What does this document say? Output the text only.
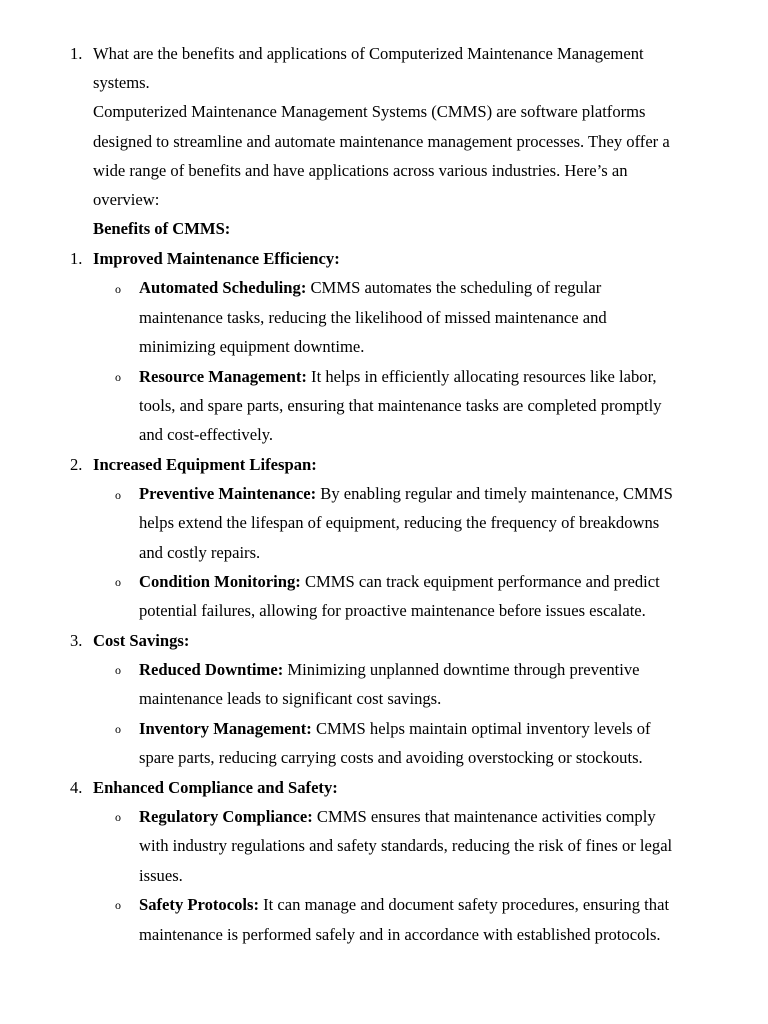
1. What are the benefits and applications of Computerized Maintenance Management
systems.
Computerized Maintenance Management Systems (CMMS) are software platforms
designed to streamline and automate maintenance management processes. They offer a
wide range of benefits and have applications across various industries. Here’s an
overview:
Benefits of CMMS:
1. Improved Maintenance Efficiency:
o Automated Scheduling: CMMS automates the scheduling of regular
maintenance tasks, reducing the likelihood of missed maintenance and
minimizing equipment downtime.
o Resource Management: It helps in efficiently allocating resources like labor,
tools, and spare parts, ensuring that maintenance tasks are completed promptly
and cost-effectively.
2. Increased Equipment Lifespan:
o Preventive Maintenance: By enabling regular and timely maintenance, CMMS
helps extend the lifespan of equipment, reducing the frequency of breakdowns
and costly repairs.
o Condition Monitoring: CMMS can track equipment performance and predict
potential failures, allowing for proactive maintenance before issues escalate.
3. Cost Savings:
o Reduced Downtime: Minimizing unplanned downtime through preventive
maintenance leads to significant cost savings.
o Inventory Management: CMMS helps maintain optimal inventory levels of
spare parts, reducing carrying costs and avoiding overstocking or stockouts.
4. Enhanced Compliance and Safety:
o Regulatory Compliance: CMMS ensures that maintenance activities comply
with industry regulations and safety standards, reducing the risk of fines or legal
issues.
o Safety Protocols: It can manage and document safety procedures, ensuring that
maintenance is performed safely and in accordance with established protocols.
